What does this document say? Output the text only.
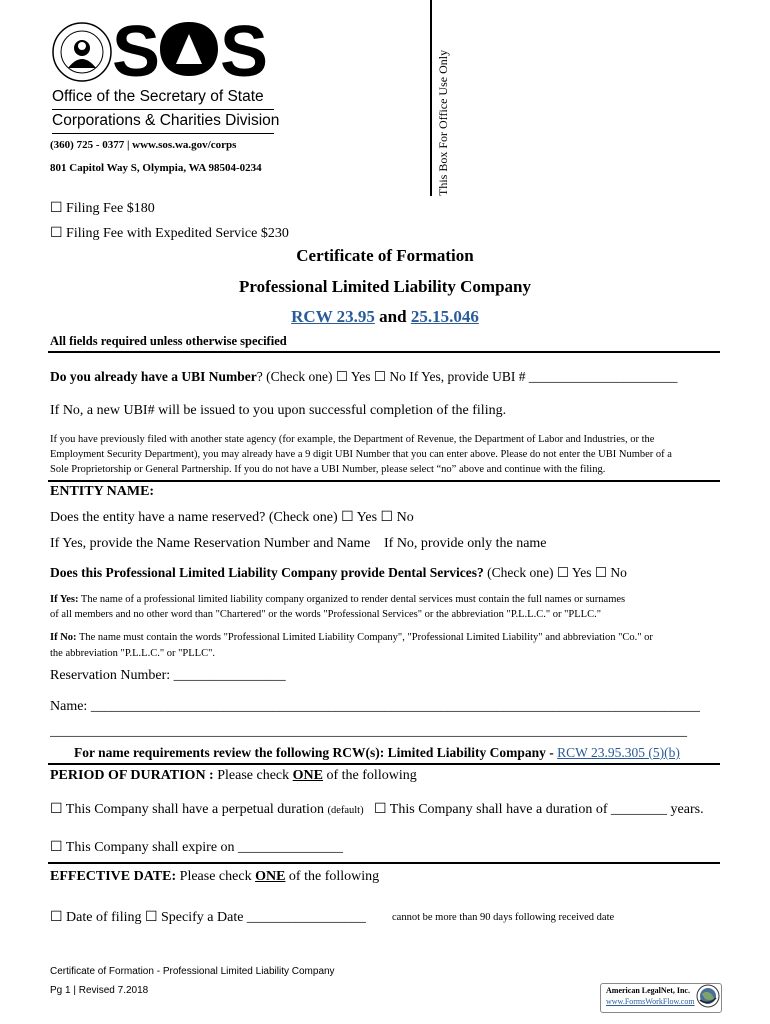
S S
Office of the Secretary of State
Corporations & Charities Division
(360) 725 - 0377 | www.sos.wa.gov/corps
801 Capitol Way S, Olympia, WA 98504-0234	This Box For Office Use Only
☐ Filing Fee $180
☐ Filing Fee with Expedited Service $230
Certificate of Formation
Professional Limited Liability Company
RCW 23.95 and 25.15.046
All fields required unless otherwise specified
Do you already have a UBI Number? (Check one) ☐ Yes ☐ No If Yes, provide UBI # ______________________
If No, a new UBI# will be issued to you upon successful completion of the filing.
If you have previously filed with another state agency (for example, the Department of Revenue, the Department of Labor and Industries, or the
Employment Security Department), you may already have a 9 digit UBI Number that you can enter above. Please do not enter the UBI Number of a
Sole Proprietorship or General Partnership. If you do not have a UBI Number, please select “no” above and continue with the filing.
ENTITY NAME:
Does the entity have a name reserved? (Check one) ☐ Yes ☐ No
If Yes, provide the Name Reservation Number and Name If No, provide only the name
Does this Professional Limited Liability Company provide Dental Services? (Check one) ☐ Yes ☐ No
If Yes: The name of a professional limited liability company organized to render dental services must contain the full names or surnames
of all members and no other word than "Chartered" or the words "Professional Services" or the abbreviation "P.L.L.C." or "PLLC."
If No: The name must contain the words "Professional Limited Liability Company", "Professional Limited Liability" and abbreviation "Co." or
the abbreviation "P.L.L.C." or "PLLC".
Reservation Number: ________________
Name: _______________________________________________________________________________________
___________________________________________________________________________________________
For name requirements review the following RCW(s): Limited Liability Company - RCW 23.95.305 (5)(b)
PERIOD OF DURATION : Please check ONE of the following
☐ This Company shall have a perpetual duration (default) ☐ This Company shall have a duration of ________ years.
☐ This Company shall expire on _______________
EFFECTIVE DATE: Please check ONE of the following
☐ Date of filing ☐ Specify a Date _________________ cannot be more than 90 days following received date
Certificate of Formation - Professional Limited Liability Company
Pg 1 | Revised 7.2018	American LegalNet, Inc.
www.FormsWorkFlow.com
